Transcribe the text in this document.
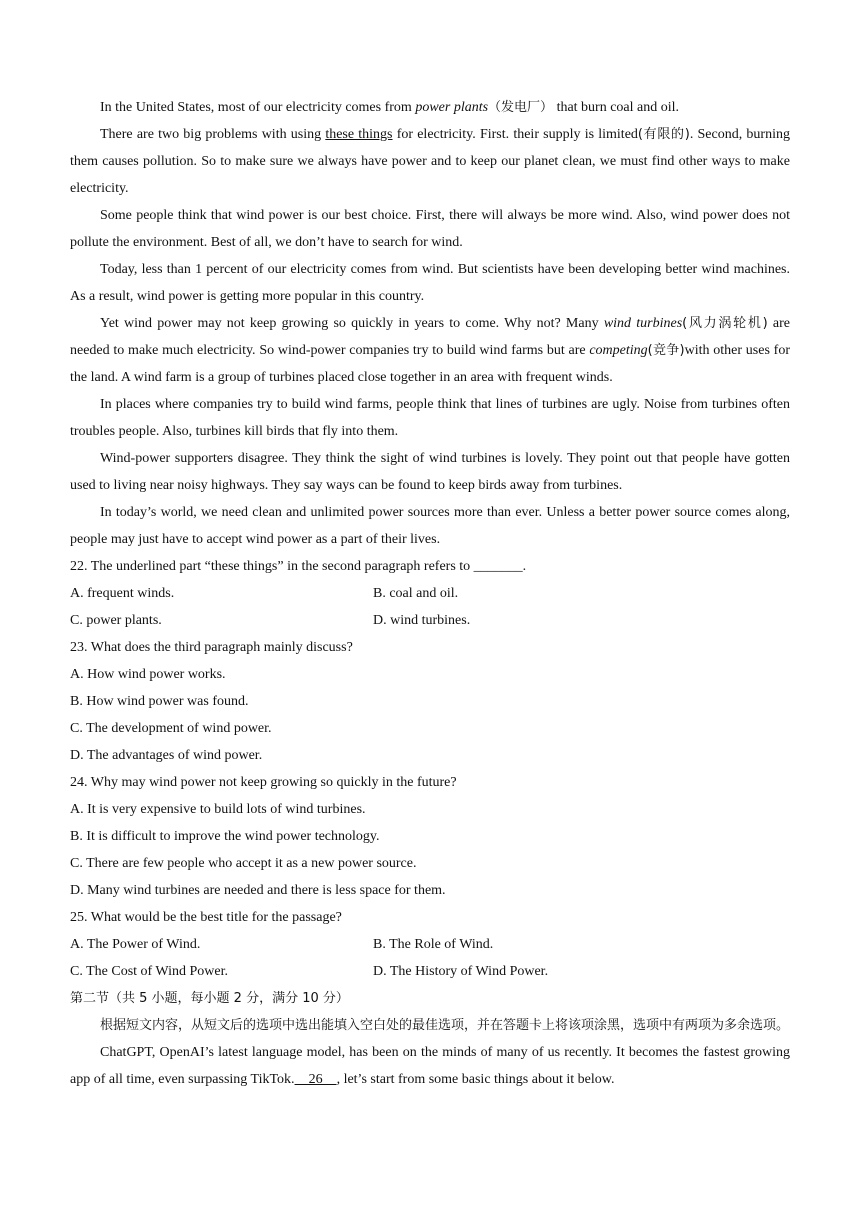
In the United States, most of our electricity comes from power plants（发电厂） that burn coal and oil.

There are two big problems with using these things for electricity. First. their supply is limited(有限的). Second, burning them causes pollution. So to make sure we always have power and to keep our planet clean, we must find other ways to make electricity.

Some people think that wind power is our best choice. First, there will always be more wind. Also, wind power does not pollute the environment. Best of all, we don’t have to search for wind.

Today, less than 1 percent of our electricity comes from wind. But scientists have been developing better wind machines. As a result, wind power is getting more popular in this country.

Yet wind power may not keep growing so quickly in years to come. Why not? Many wind turbines(风力涡轮机) are needed to make much electricity. So wind-power companies try to build wind farms but are competing(竞争)with other uses for the land. A wind farm is a group of turbines placed close together in an area with frequent winds.

In places where companies try to build wind farms, people think that lines of turbines are ugly. Noise from turbines often troubles people. Also, turbines kill birds that fly into them.

Wind-power supporters disagree. They think the sight of wind turbines is lovely. They point out that people have gotten used to living near noisy highways. They say ways can be found to keep birds away from turbines.

In today’s world, we need clean and unlimited power sources more than ever. Unless a better power source comes along, people may just have to accept wind power as a part of their lives.

22. The underlined part “these things” in the second paragraph refers to _______.

A. frequent winds.	B. coal and oil.
C. power plants.	D. wind turbines.

23. What does the third paragraph mainly discuss?

A. How wind power works.

B. How wind power was found.

C. The development of wind power.

D. The advantages of wind power.

24. Why may wind power not keep growing so quickly in the future?

A. It is very expensive to build lots of wind turbines.

B. It is difficult to improve the wind power technology.

C. There are few people who accept it as a new power source.

D. Many wind turbines are needed and there is less space for them.

25. What would be the best title for the passage?

A. The Power of Wind.	B. The Role of Wind.
C. The Cost of Wind Power.	D. The History of Wind Power.

第二节（共 5 小题，每小题 2 分，满分 10 分）

根据短文内容，从短文后的选项中选出能填入空白处的最佳选项，并在答题卡上将该项涂黑，选项中有两项为多余选项。

ChatGPT, OpenAI’s latest language model, has been on the minds of many of us recently. It becomes the fastest growing app of all time, even surpassing TikTok.    26    , let’s start from some basic things about it below.
